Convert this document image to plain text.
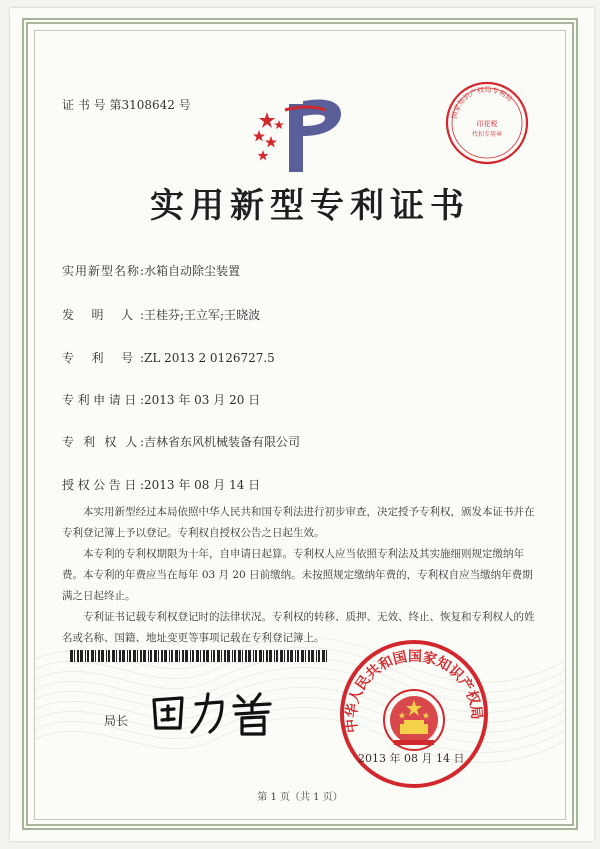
证 书 号 第3108642 号
国家知识产权局专利局
印花税
代扣专用章
实用新型专利证书
实用新型名称:水箱自动除尘装置
发 明 人:王桂芬;王立军;王晓波
专 利 号:ZL 2013 2 0126727.5
专利申请日:2013 年 03 月 20 日
专 利 权 人:吉林省东风机械装备有限公司
授权公告日:2013 年 08 月 14 日

本实用新型经过本局依照中华人民共和国专利法进行初步审查，决定授予专利权，颁发本证书并在专利登记簿上予以登记。专利权自授权公告之日起生效。

本专利的专利权期限为十年，自申请日起算。专利权人应当依照专利法及其实施细则规定缴纳年费。本专利的年费应当在每年 03 月 20 日前缴纳。未按照规定缴纳年费的，专利权自应当缴纳年费期满之日起终止。

专利证书记载专利权登记时的法律状况。专利权的转移、质押、无效、终止、恢复和专利权人的姓名或名称、国籍、地址变更等事项记载在专利登记簿上。

局长	中华人民共和国国家知识产权局
2013 年 08 月 14 日
第 1 页（共 1 页）
